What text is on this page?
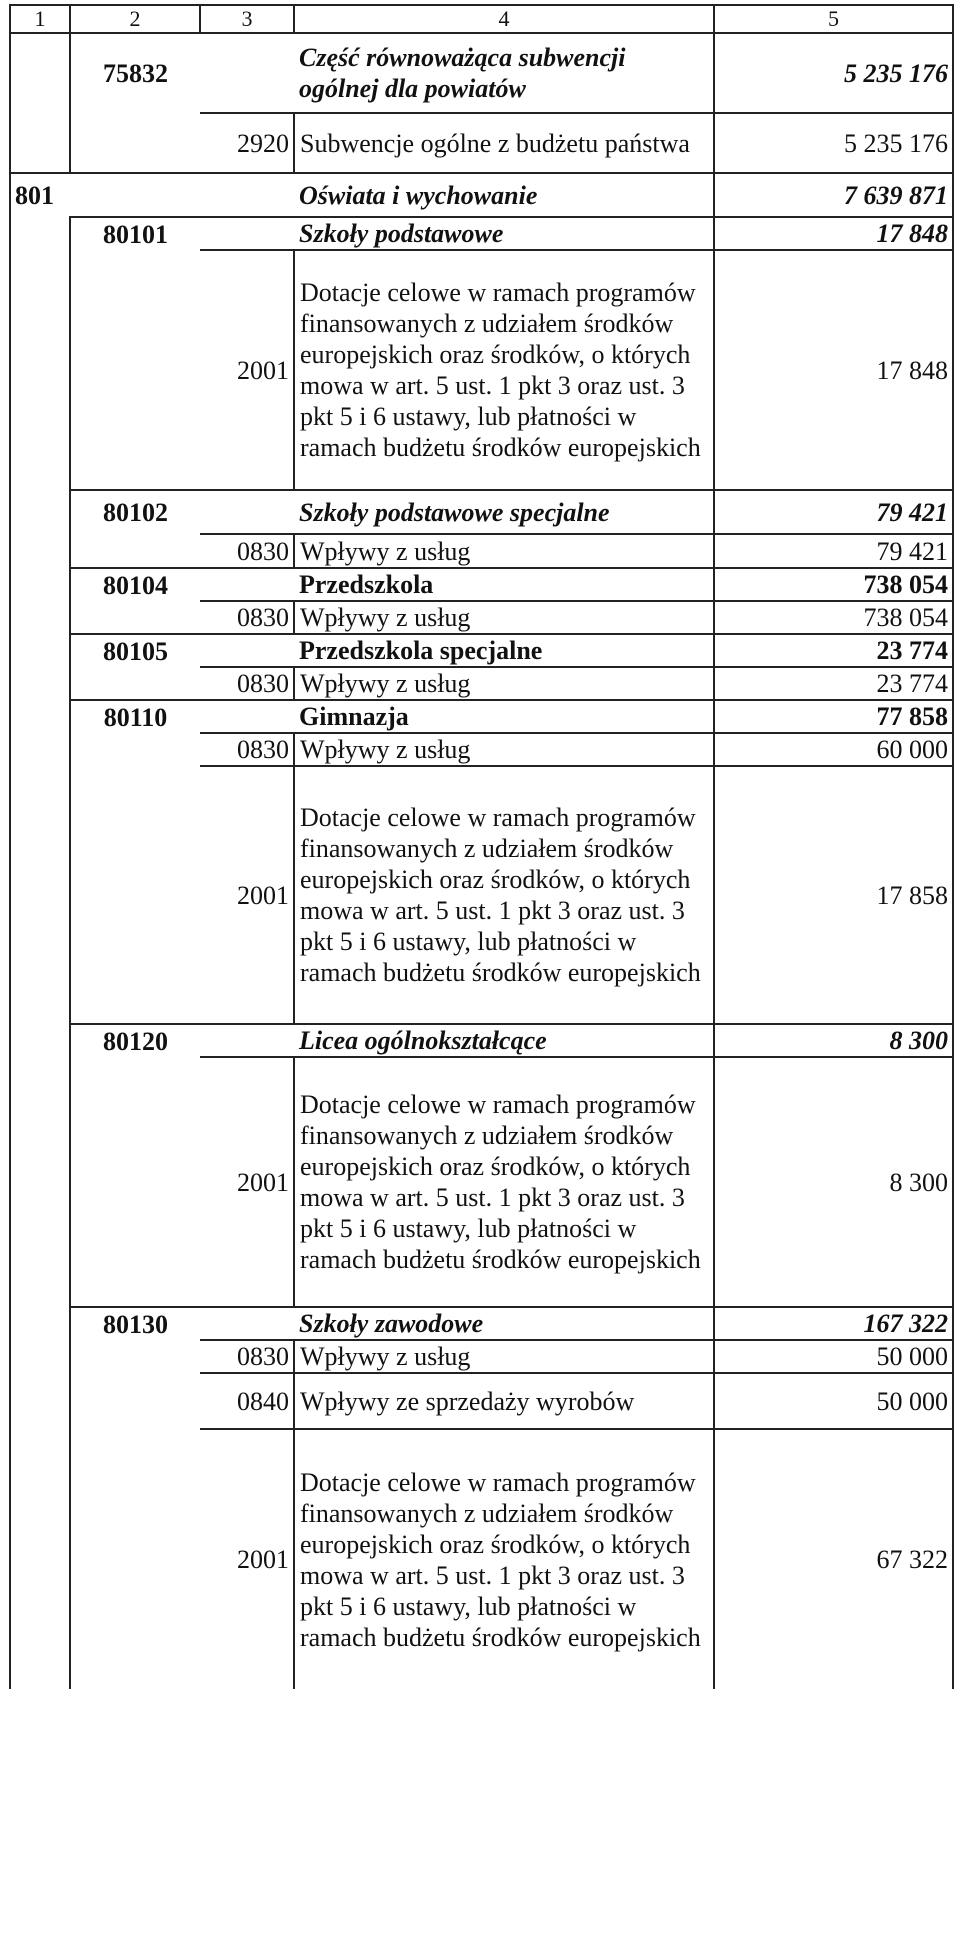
1	2	3	4	5
	75832		Część równoważąca subwencji ogólnej dla powiatów	5 235 176
		2920	Subwencje ogólne z budżetu państwa	5 235 176
801			Oświata i wychowanie	7 639 871
	80101		Szkoły podstawowe	17 848
		2001	Dotacje celowe w ramach programów finansowanych z udziałem środków europejskich oraz środków, o których mowa w art. 5 ust. 1 pkt 3 oraz ust. 3 pkt 5 i 6 ustawy, lub płatności w ramach budżetu środków europejskich	17 848
	80102		Szkoły podstawowe specjalne	79 421
		0830	Wpływy z usług	79 421
	80104		Przedszkola	738 054
		0830	Wpływy z usług	738 054
	80105		Przedszkola specjalne	23 774
		0830	Wpływy z usług	23 774
	80110		Gimnazja	77 858
		0830	Wpływy z usług	60 000
		2001	Dotacje celowe w ramach programów finansowanych z udziałem środków europejskich oraz środków, o których mowa w art. 5 ust. 1 pkt 3 oraz ust. 3 pkt 5 i 6 ustawy, lub płatności w ramach budżetu środków europejskich	17 858
	80120		Licea ogólnokształcące	8 300
		2001	Dotacje celowe w ramach programów finansowanych z udziałem środków europejskich oraz środków, o których mowa w art. 5 ust. 1 pkt 3 oraz ust. 3 pkt 5 i 6 ustawy, lub płatności w ramach budżetu środków europejskich	8 300
	80130		Szkoły zawodowe	167 322
		0830	Wpływy z usług	50 000
		0840	Wpływy ze sprzedaży wyrobów	50 000
		2001	Dotacje celowe w ramach programów finansowanych z udziałem środków europejskich oraz środków, o których mowa w art. 5 ust. 1 pkt 3 oraz ust. 3 pkt 5 i 6 ustawy, lub płatności w ramach budżetu środków europejskich	67 322
